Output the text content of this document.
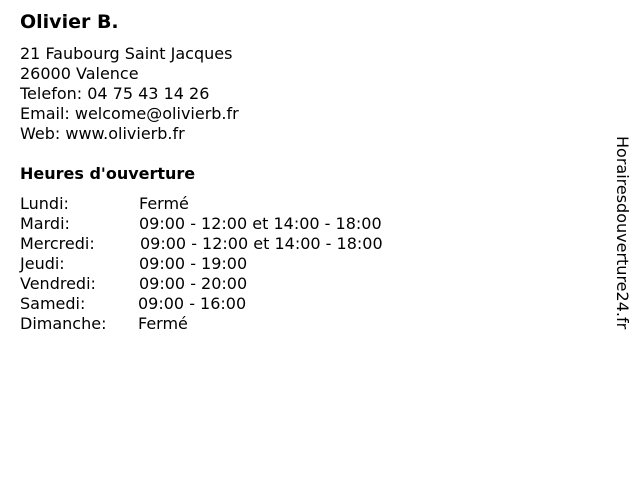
Olivier B.
21 Faubourg Saint Jacques
26000 Valence
Telefon: 04 75 43 14 26
Email: welcome@olivierb.fr
Web: www.olivierb.fr
Heures d'ouverture
Lundi:	Fermé
Mardi:	09:00 - 12:00 et 14:00 - 18:00
Mercredi:	09:00 - 12:00 et 14:00 - 18:00
Jeudi:	09:00 - 19:00
Vendredi:	09:00 - 20:00
Samedi:	09:00 - 16:00
Dimanche: Fermé	Horairesdouverture24.fr
